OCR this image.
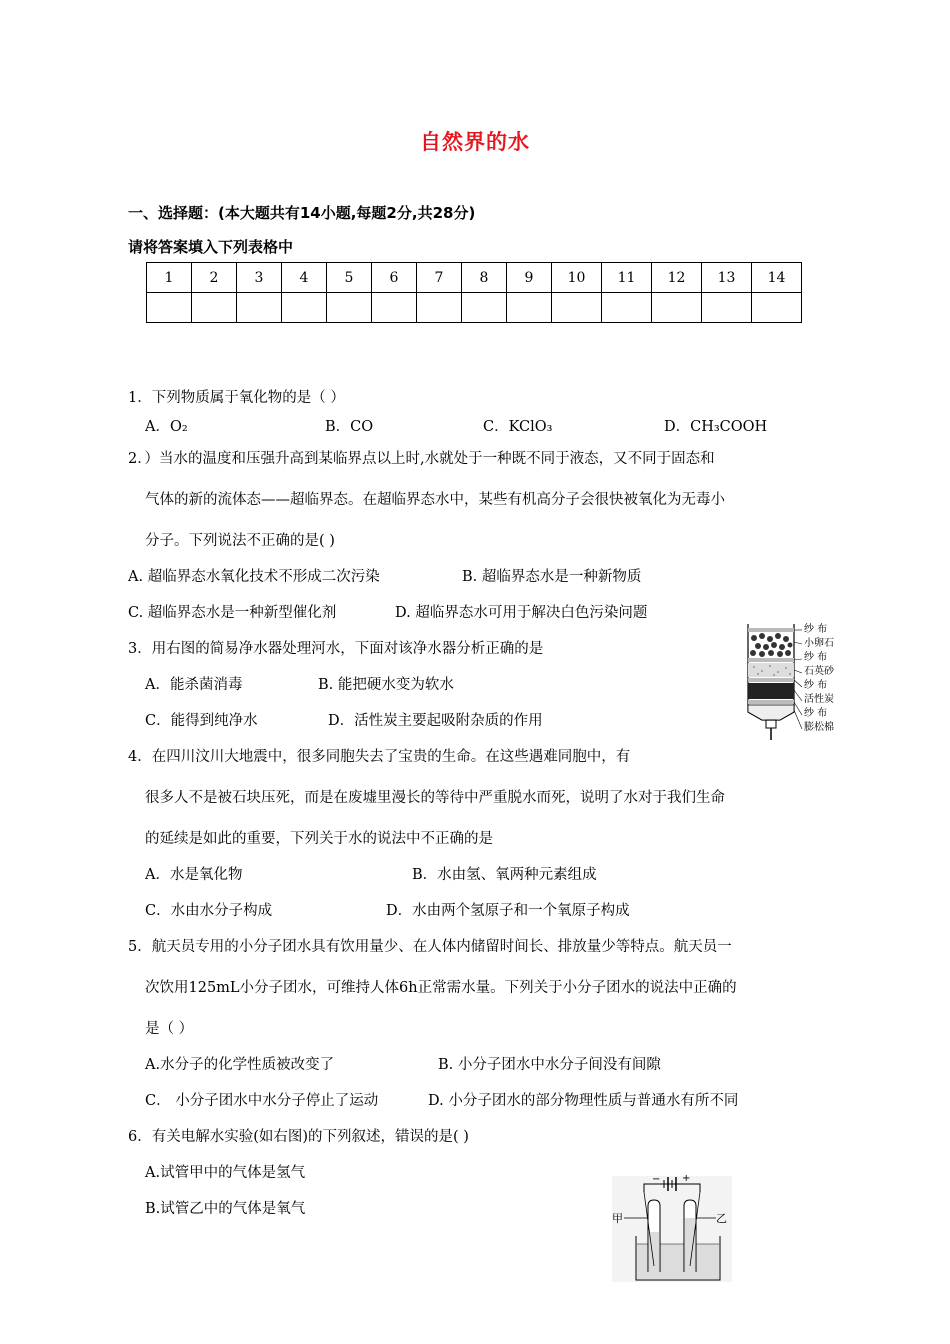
自然界的水
一、选择题：(本大题共有14小题,每题2分,共28分)
请将答案填入下列表格中
1	2	3	4	5	6	7	8	9	10	11	12	13	14

1．下列物质属于氧化物的是（ ）
A．O₂	B．CO	C．KClO₃	D．CH₃COOH
2．）当水的温度和压强升高到某临界点以上时,水就处于一种既不同于液态，又不同于固态和
气体的新的流体态——超临界态。在超临界态水中，某些有机高分子会很快被氧化为无毒小
分子。下列说法不正确的是( )
A. 超临界态水氧化技术不形成二次污染	B. 超临界态水是一种新物质
C. 超临界态水是一种新型催化剂	D. 超临界态水可用于解决白色污染问题
3．用右图的简易净水器处理河水，下面对该净水器分析正确的是
A．能杀菌消毒	B. 能把硬水变为软水
C．能得到纯净水	D．活性炭主要起吸附杂质的作用
纱 布
小卵石
纱 布
石英砂
纱 布
活性炭
纱 布
膨松棉
4．在四川汶川大地震中，很多同胞失去了宝贵的生命。在这些遇难同胞中，有
很多人不是被石块压死，而是在废墟里漫长的等待中严重脱水而死，说明了水对于我们生命
的延续是如此的重要，下列关于水的说法中不正确的是
A．水是氧化物	B．水由氢、氧两种元素组成
C．水由水分子构成	D．水由两个氢原子和一个氧原子构成
5．航天员专用的小分子团水具有饮用量少、在人体内储留时间长、排放量少等特点。航天员一
次饮用125mL小分子团水，可维持人体6h正常需水量。下列关于小分子团水的说法中正确的
是（ ）
A.水分子的化学性质被改变了	B. 小分子团水中水分子间没有间隙
C． 小分子团水中水分子停止了运动	D. 小分子团水的部分物理性质与普通水有所不同
6．有关电解水实验(如右图)的下列叙述，错误的是( )
A.试管甲中的气体是氢气
B.试管乙中的气体是氧气
甲	乙
− +
